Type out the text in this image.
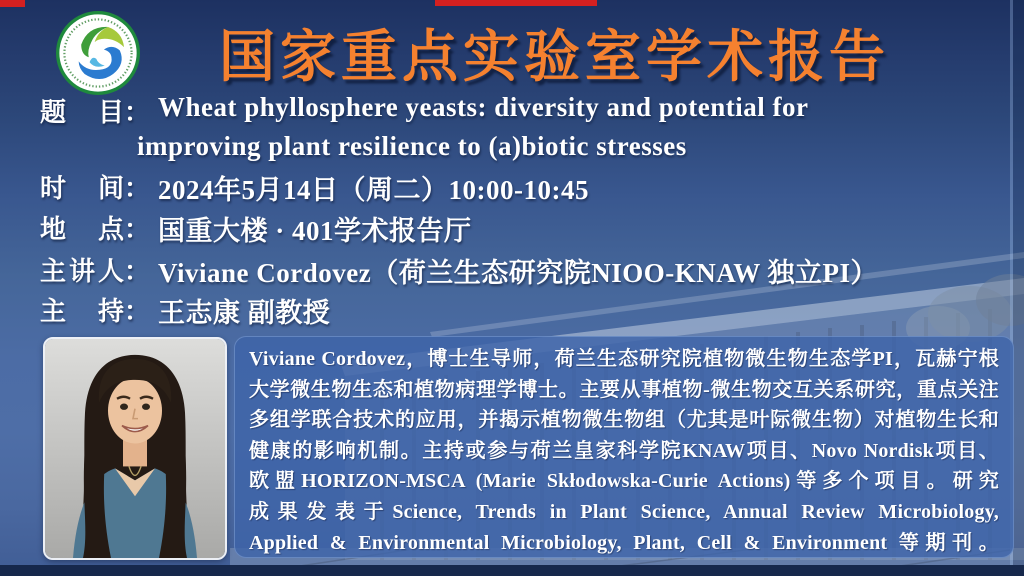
国家重点实验室学术报告
题目 ： Wheat phyllosphere yeasts: diversity and potential for
improving plant resilience to (a)biotic stresses
时间 ： 2024年5月14日（周二）10:00-10:45
地点 ： 国重大楼 · 401学术报告厅
主讲人 ： Viviane Cordovez（荷兰生态研究院NIOO-KNAW 独立PI）
主持 ： 王志康 副教授
Viviane Cordovez，博士生导师，荷兰生态研究院植物微生物生态学PI，瓦赫宁根
大学微生物生态和植物病理学博士。主要从事植物-微生物交互关系研究，重点关注
多组学联合技术的应用，并揭示植物微生物组（尤其是叶际微生物）对植物生长和
健康的影响机制。主持或参与荷兰皇家科学院KNAW项目、Novo Nordisk项目、
欧盟HORIZON-MSCA (Marie Skłodowska-Curie Actions)等多个项目。研究
成果发表于Science, Trends in Plant Science, Annual Review Microbiology,
Applied & Environmental Microbiology, Plant, Cell & Environment 等期刊。
